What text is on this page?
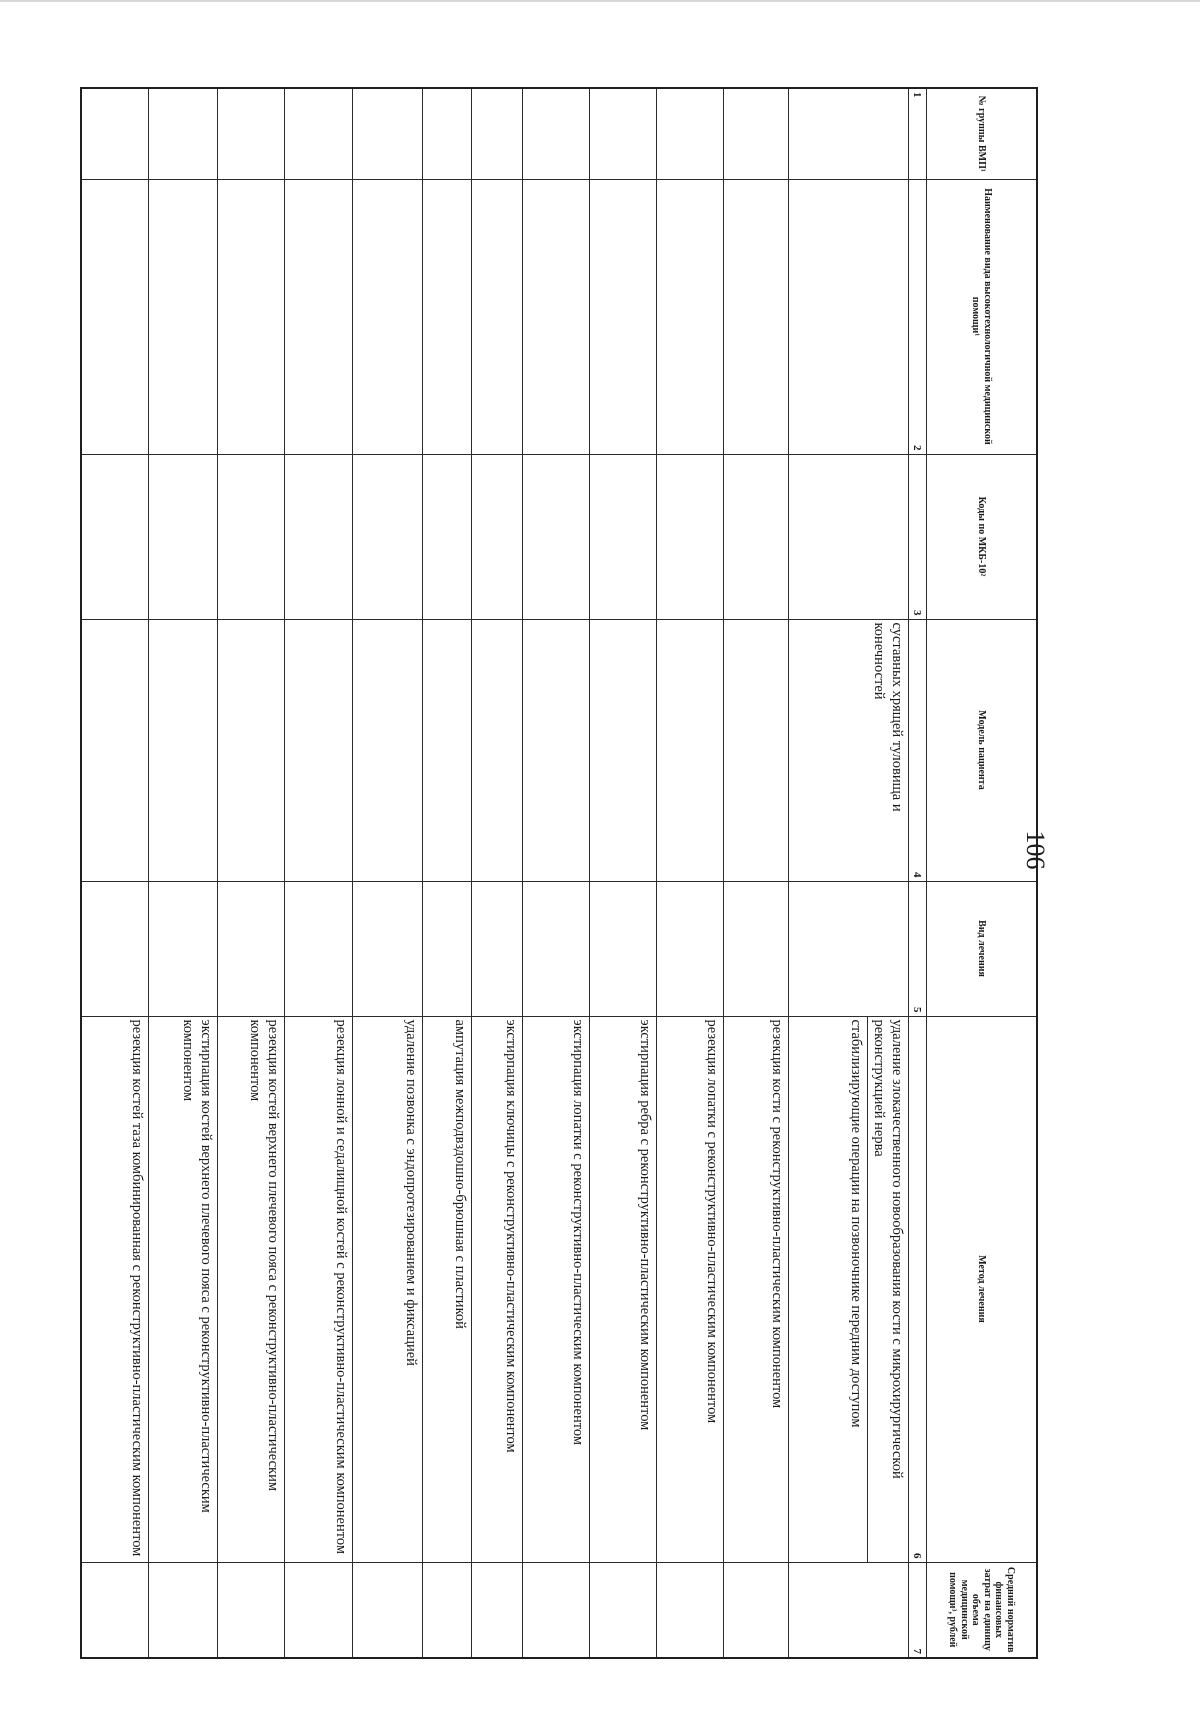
106
№ группы ВМП¹	Наименование вида высокотехнологичной медицинской помощи¹	Коды по МКБ-10²	Модель пациента	Вид лечения	Метод лечения	Средний норматив финансовых затрат на единицу объема медицинской помощи³, рублей
1	2	3	4	5	6	7

			суставных хрящей туловища и конечностей		удаление злокачественного новообразования кости с микрохирургической реконструкцией нерва
стабилизирующие операции на позвоночнике передним доступом	

					резекция кости с реконструктивно-пластическим компонентом	

					резекция лопатки с реконструктивно-пластическим компонентом	

					экстирпация ребра с реконструктивно-пластическим компонентом	

					экстирпация лопатки с реконструктивно-пластическим компонентом	

					экстирпация ключицы с реконструктивно-пластическим компонентом	

					ампутация межподвздошно-брюшная с пластикой	

					удаление позвонка с эндопротезированием и фиксацией	

					резекция лонной и седалищной костей с реконструктивно-пластическим компонентом	

					резекция костей верхнего плечевого пояса с реконструктивно-пластическим компонентом	

					экстирпация костей верхнего плечевого пояса с реконструктивно-пластическим компонентом	

					резекция костей таза комбинированная с реконструктивно-пластическим компонентом	
